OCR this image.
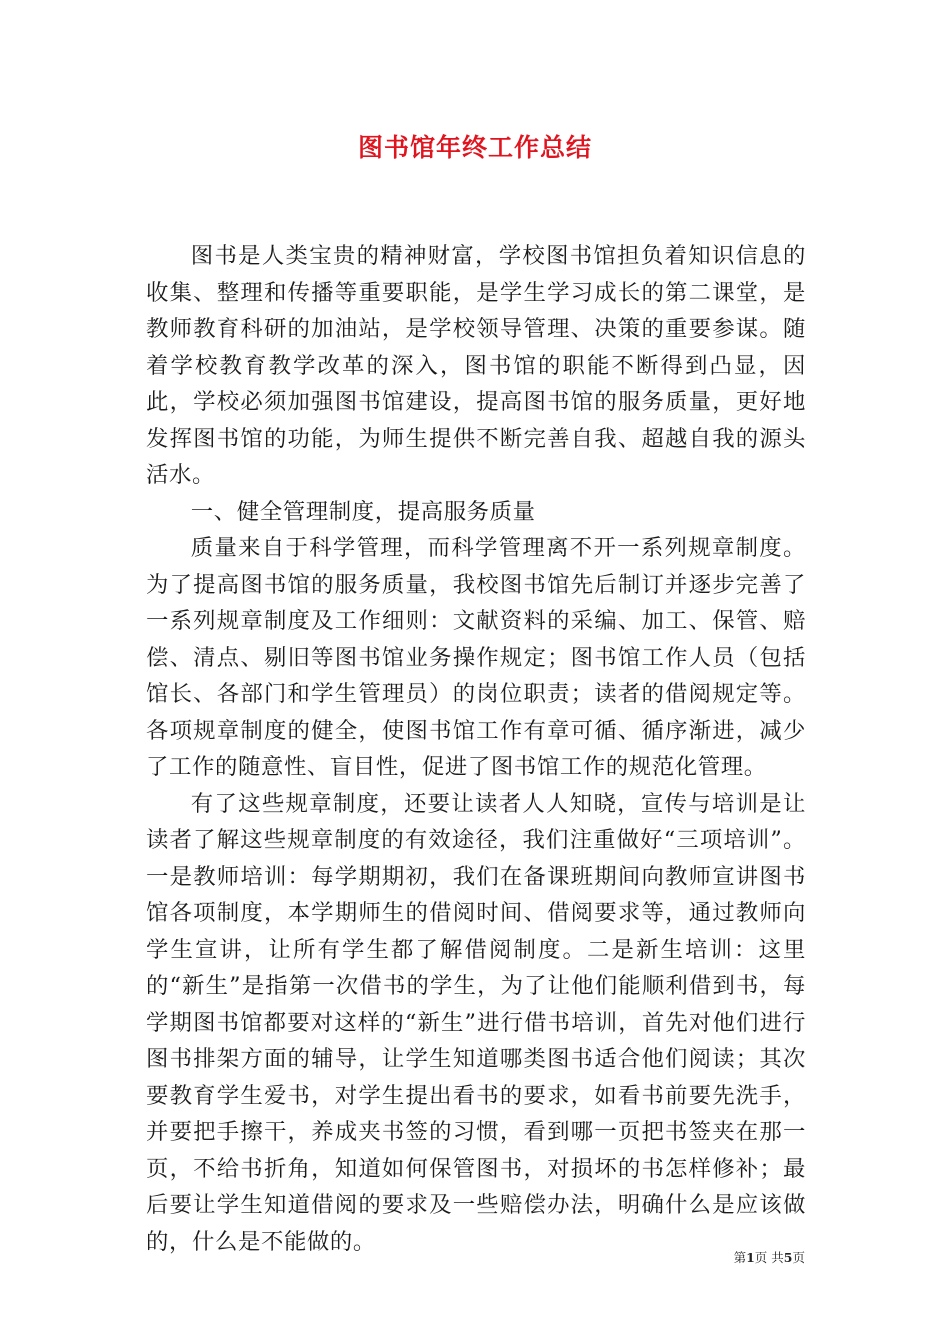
图书馆年终工作总结

图书是人类宝贵的精神财富，学校图书馆担负着知识信息的收集、整理和传播等重要职能，是学生学习成长的第二课堂，是教师教育科研的加油站，是学校领导管理、决策的重要参谋。随着学校教育教学改革的深入，图书馆的职能不断得到凸显，因此，学校必须加强图书馆建设，提高图书馆的服务质量，更好地发挥图书馆的功能，为师生提供不断完善自我、超越自我的源头活水。

一、健全管理制度，提高服务质量

质量来自于科学管理，而科学管理离不开一系列规章制度。为了提高图书馆的服务质量，我校图书馆先后制订并逐步完善了一系列规章制度及工作细则：文献资料的采编、加工、保管、赔偿、清点、剔旧等图书馆业务操作规定；图书馆工作人员（包括馆长、各部门和学生管理员）的岗位职责；读者的借阅规定等。各项规章制度的健全，使图书馆工作有章可循、循序渐进，减少了工作的随意性、盲目性，促进了图书馆工作的规范化管理。

有了这些规章制度，还要让读者人人知晓，宣传与培训是让读者了解这些规章制度的有效途径，我们注重做好“三项培训”。一是教师培训：每学期期初，我们在备课班期间向教师宣讲图书馆各项制度，本学期师生的借阅时间、借阅要求等，通过教师向学生宣讲，让所有学生都了解借阅制度。二是新生培训：这里的“新生”是指第一次借书的学生，为了让他们能顺利借到书，每学期图书馆都要对这样的“新生”进行借书培训，首先对他们进行图书排架方面的辅导，让学生知道哪类图书适合他们阅读；其次要教育学生爱书，对学生提出看书的要求，如看书前要先洗手，并要把手擦干，养成夹书签的习惯，看到哪一页把书签夹在那一页，不给书折角，知道如何保管图书，对损坏的书怎样修补；最后要让学生知道借阅的要求及一些赔偿办法，明确什么是应该做的，什么是不能做的。

第1页 共5页
